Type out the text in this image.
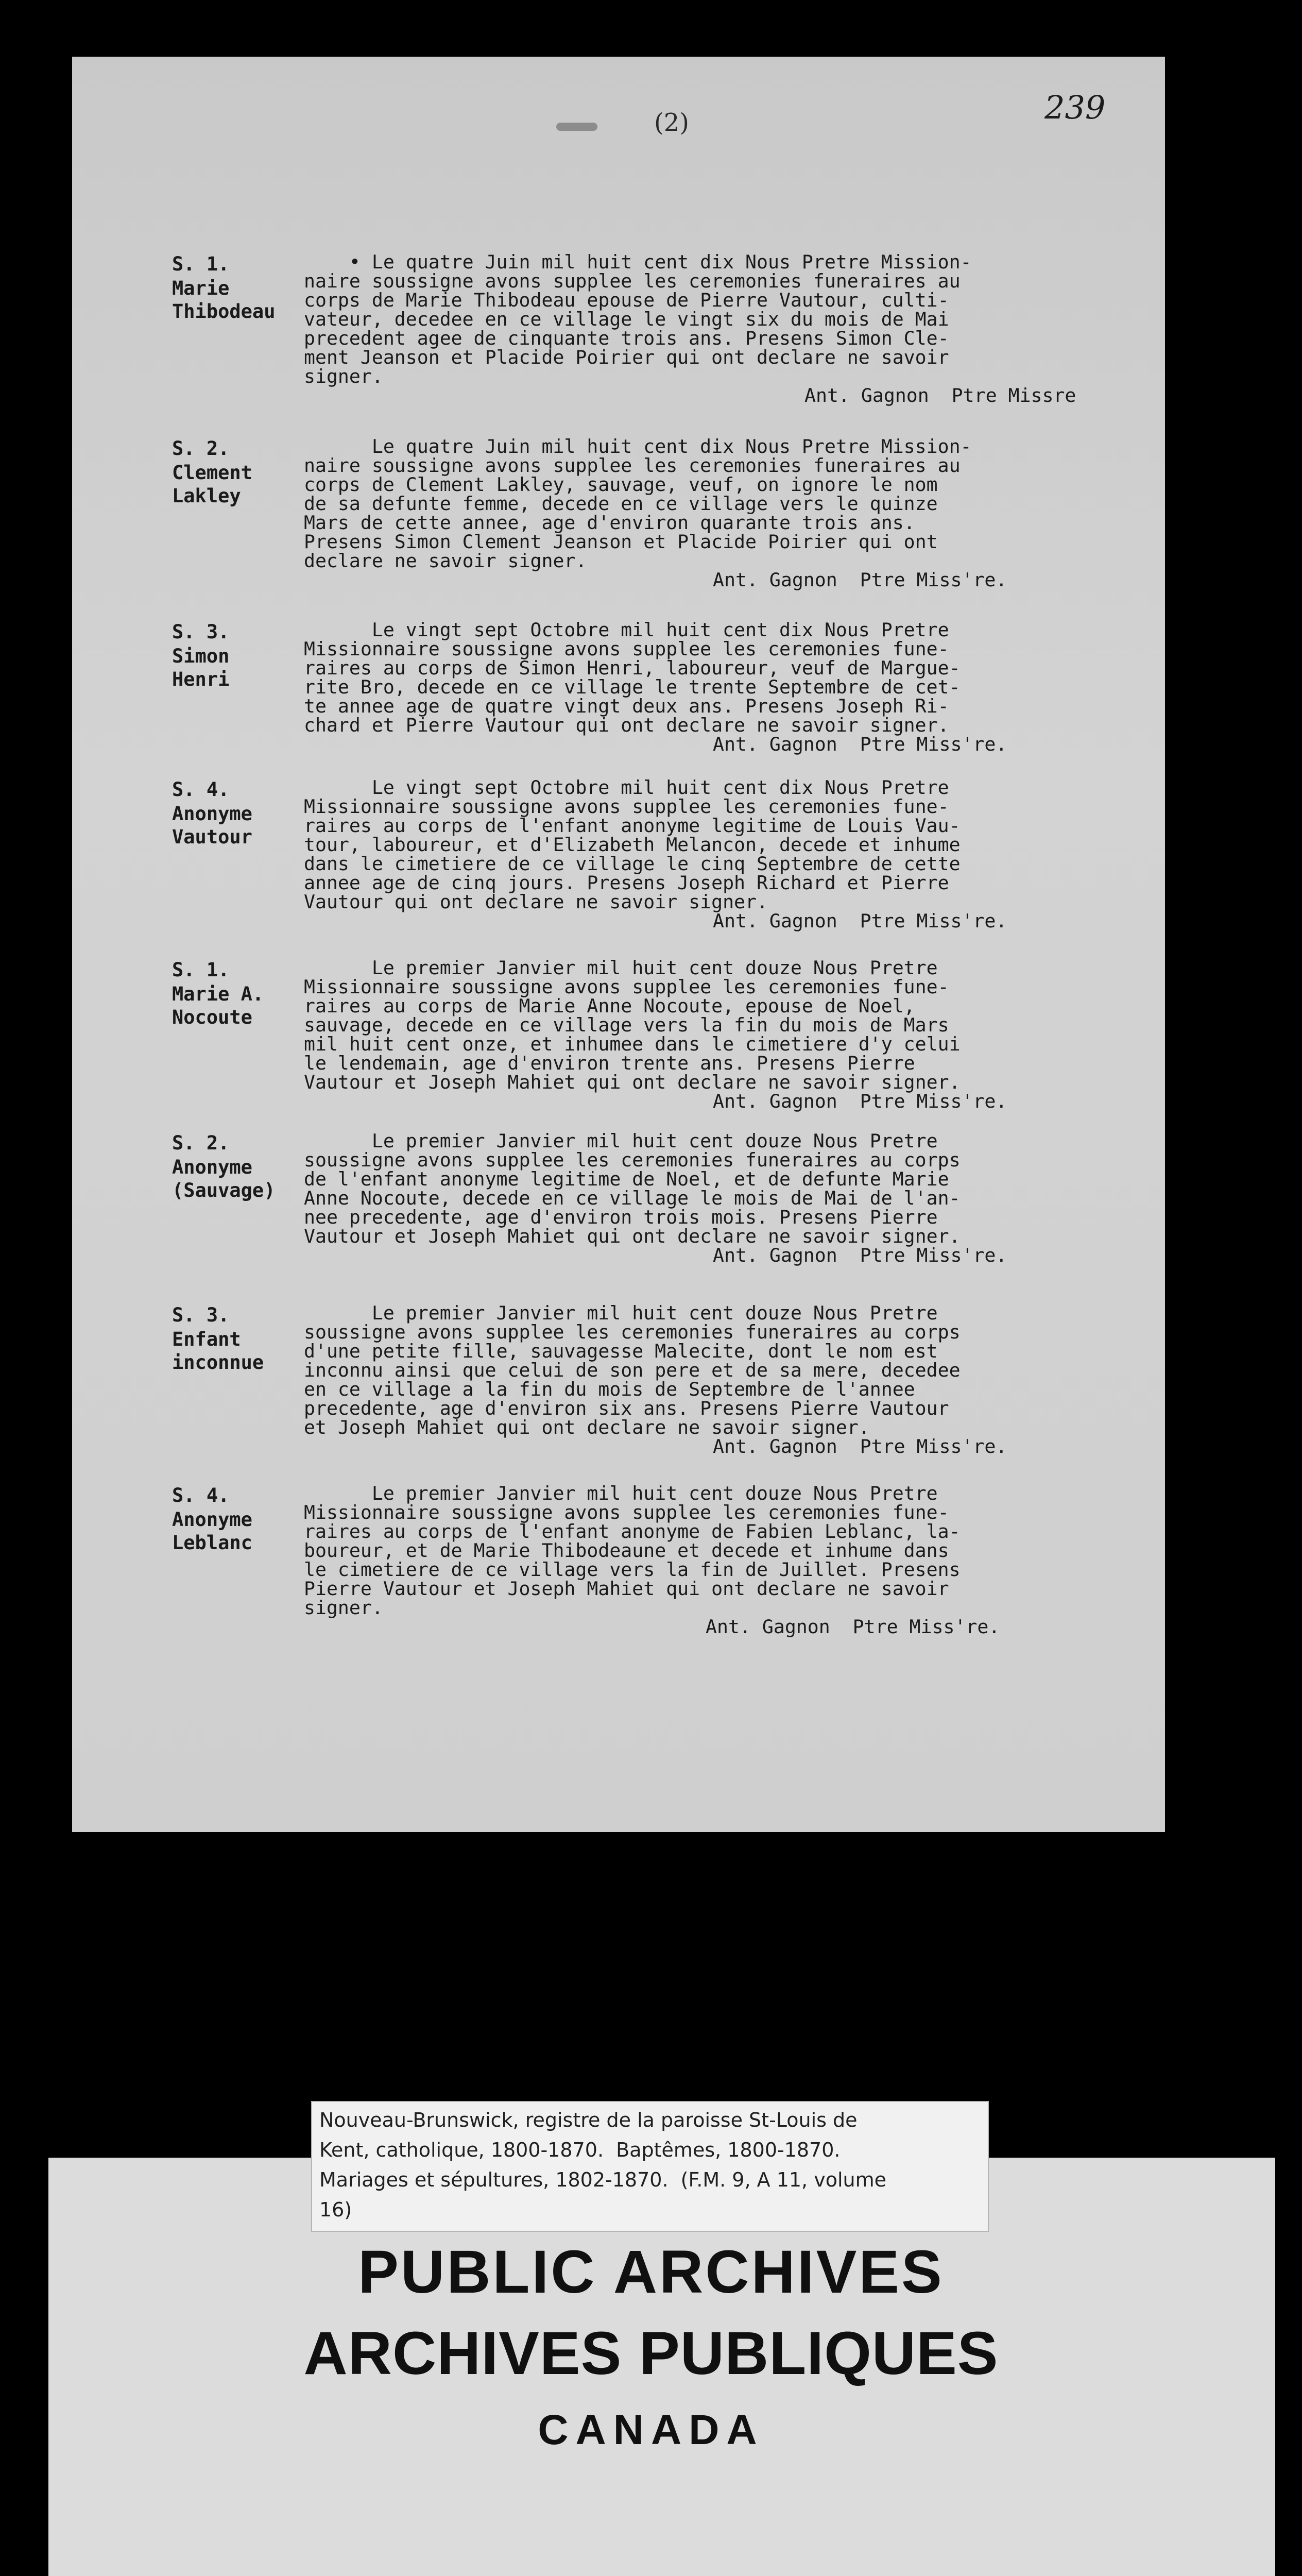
239
(2)
S. 1.
Marie
Thibodeau
• Le quatre Juin mil huit cent dix Nous Pretre Mission-
naire soussigne avons supplee les ceremonies funeraires au
corps de Marie Thibodeau epouse de Pierre Vautour, culti-
vateur, decedee en ce village le vingt six du mois de Mai
precedent agee de cinquante trois ans. Presens Simon Cle-
ment Jeanson et Placide Poirier qui ont declare ne savoir
signer.
Ant. Gagnon  Ptre Missre
S. 2.
Clement
Lakley
Le quatre Juin mil huit cent dix Nous Pretre Mission-
naire soussigne avons supplee les ceremonies funeraires au
corps de Clement Lakley, sauvage, veuf, on ignore le nom
de sa defunte femme, decede en ce village vers le quinze
Mars de cette annee, age d'environ quarante trois ans.
Presens Simon Clement Jeanson et Placide Poirier qui ont
declare ne savoir signer.
Ant. Gagnon  Ptre Miss're.
S. 3.
Simon
Henri
Le vingt sept Octobre mil huit cent dix Nous Pretre
Missionnaire soussigne avons supplee les ceremonies fune-
raires au corps de Simon Henri, laboureur, veuf de Margue-
rite Bro, decede en ce village le trente Septembre de cet-
te annee age de quatre vingt deux ans. Presens Joseph Ri-
chard et Pierre Vautour qui ont declare ne savoir signer.
Ant. Gagnon  Ptre Miss're.
S. 4.
Anonyme
Vautour
Le vingt sept Octobre mil huit cent dix Nous Pretre
Missionnaire soussigne avons supplee les ceremonies fune-
raires au corps de l'enfant anonyme legitime de Louis Vau-
tour, laboureur, et d'Elizabeth Melancon, decede et inhume
dans le cimetiere de ce village le cinq Septembre de cette
annee age de cinq jours. Presens Joseph Richard et Pierre
Vautour qui ont declare ne savoir signer.
Ant. Gagnon  Ptre Miss're.
S. 1.
Marie A.
Nocoute
Le premier Janvier mil huit cent douze Nous Pretre
Missionnaire soussigne avons supplee les ceremonies fune-
raires au corps de Marie Anne Nocoute, epouse de Noel,
sauvage, decede en ce village vers la fin du mois de Mars
mil huit cent onze, et inhumee dans le cimetiere d'y celui
le lendemain, age d'environ trente ans. Presens Pierre
Vautour et Joseph Mahiet qui ont declare ne savoir signer.
Ant. Gagnon  Ptre Miss're.
S. 2.
Anonyme
(Sauvage)
Le premier Janvier mil huit cent douze Nous Pretre
soussigne avons supplee les ceremonies funeraires au corps
de l'enfant anonyme legitime de Noel, et de defunte Marie
Anne Nocoute, decede en ce village le mois de Mai de l'an-
nee precedente, age d'environ trois mois. Presens Pierre
Vautour et Joseph Mahiet qui ont declare ne savoir signer.
Ant. Gagnon  Ptre Miss're.
S. 3.
Enfant
inconnue
Le premier Janvier mil huit cent douze Nous Pretre
soussigne avons supplee les ceremonies funeraires au corps
d'une petite fille, sauvagesse Malecite, dont le nom est
inconnu ainsi que celui de son pere et de sa mere, decedee
en ce village a la fin du mois de Septembre de l'annee
precedente, age d'environ six ans. Presens Pierre Vautour
et Joseph Mahiet qui ont declare ne savoir signer.
Ant. Gagnon  Ptre Miss're.
S. 4.
Anonyme
Leblanc
Le premier Janvier mil huit cent douze Nous Pretre
Missionnaire soussigne avons supplee les ceremonies fune-
raires au corps de l'enfant anonyme de Fabien Leblanc, la-
boureur, et de Marie Thibodeaune et decede et inhume dans
le cimetiere de ce village vers la fin de Juillet. Presens
Pierre Vautour et Joseph Mahiet qui ont declare ne savoir
signer.
Ant. Gagnon  Ptre Miss're.
Nouveau-Brunswick, registre de la paroisse St-Louis de
Kent, catholique, 1800-1870.  Baptêmes, 1800-1870.
Mariages et sépultures, 1802-1870.  (F.M. 9, A 11, volume
16)
PUBLIC ARCHIVES
ARCHIVES PUBLIQUES
CANADA
